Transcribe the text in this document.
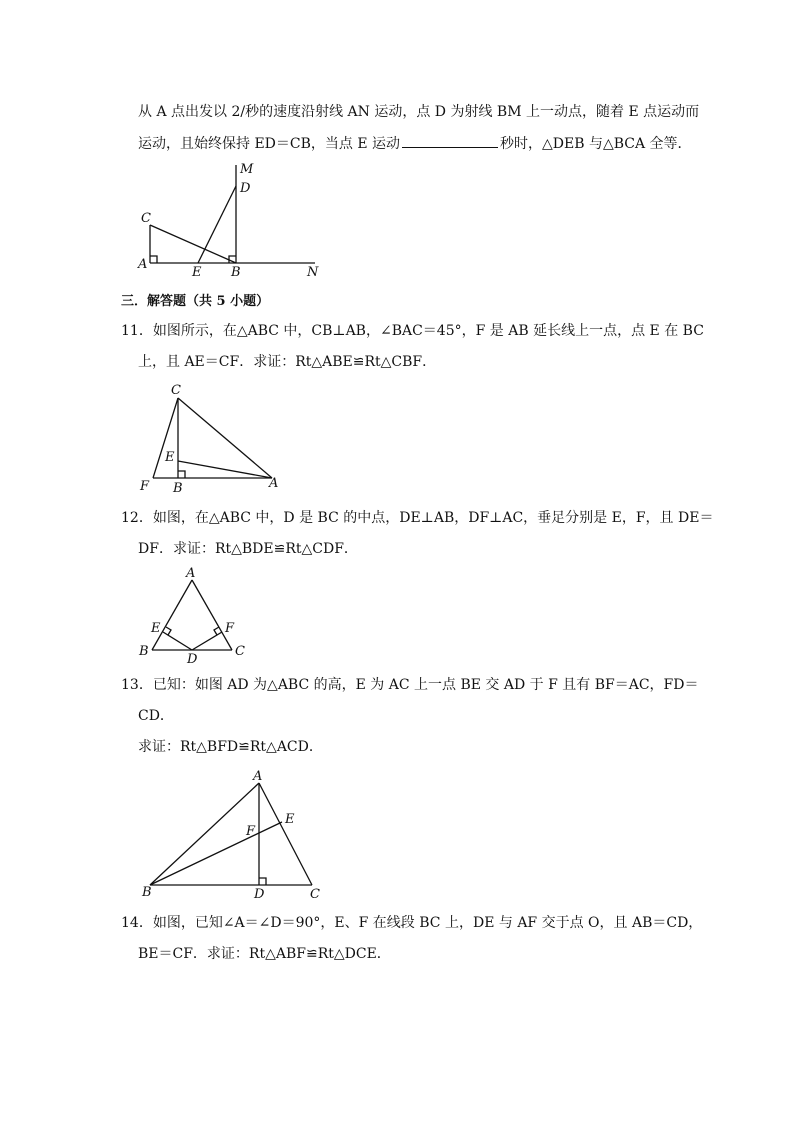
从 A 点出发以 2/秒的速度沿射线 AN 运动，点 D 为射线 BM 上一动点，随着 E 点运动而
运动，且始终保持 ED＝CB，当点 E 运动	秒时，△DEB 与△BCA 全等．
M
D
C
A
E B	N
三．解答题（共 5 小题）
11．如图所示，在△ABC 中，CB⊥AB，∠BAC＝45°，F 是 AB 延长线上一点，点 E 在 BC
上，且 AE＝CF．求证：Rt△ABE≌Rt△CBF．
C
E
F B	A
12．如图，在△ABC 中，D 是 BC 的中点，DE⊥AB，DF⊥AC，垂足分别是 E，F，且 DE＝
DF．求证：Rt△BDE≌Rt△CDF．
A
E	F
B
D
C
13．已知：如图 AD 为△ABC 的高，E 为 AC 上一点 BE 交 AD 于 F 且有 BF＝AC，FD＝
CD．
求证：Rt△BFD≌Rt△ACD．
A
F
E
B	D	C
14．如图，已知∠A＝∠D＝90°，E、F 在线段 BC 上，DE 与 AF 交于点 O，且 AB＝CD，
BE＝CF．求证：Rt△ABF≌Rt△DCE．
